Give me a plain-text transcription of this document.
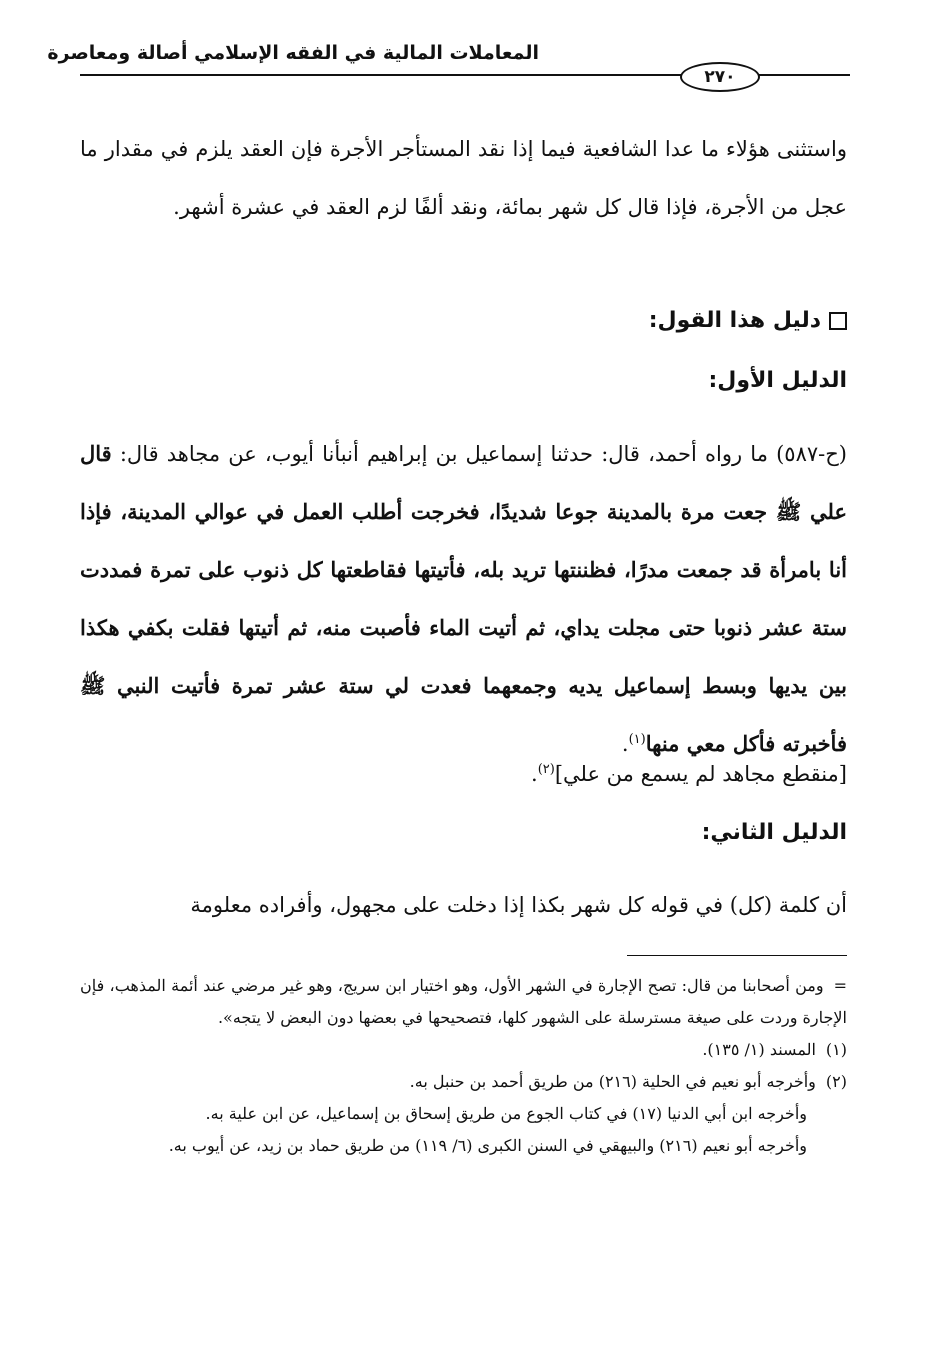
المعاملات المالية في الفقه الإسلامي أصالة ومعاصرة
٢٧٠
واستثنى هؤلاء ما عدا الشافعية فيما إذا نقد المستأجر الأجرة فإن العقد يلزم في مقدار ما عجل من الأجرة، فإذا قال كل شهر بمائة، ونقد ألفًا لزم العقد في عشرة أشهر.
دليل هذا القول:
الدليل الأول:
(ح-٥٨٧) ما رواه أحمد، قال: حدثنا إسماعيل بن إبراهيم أنبأنا أيوب، عن مجاهد قال: قال علي ﷺ جعت مرة بالمدينة جوعا شديدًا، فخرجت أطلب العمل في عوالي المدينة، فإذا أنا بامرأة قد جمعت مدرًا، فظننتها تريد بله، فأتيتها فقاطعتها كل ذنوب على تمرة فمددت ستة عشر ذنوبا حتى مجلت يداي، ثم أتيت الماء فأصبت منه، ثم أتيتها فقلت بكفي هكذا بين يديها وبسط إسماعيل يديه وجمعهما فعدت لي ستة عشر تمرة فأتيت النبي ﷺ فأخبرته فأكل معي منها$^{(١)}$.
[منقطع مجاهد لم يسمع من علي]$^{(٢)}$.
الدليل الثاني:
أن كلمة (كل) في قوله كل شهر بكذا إذا دخلت على مجهول، وأفراده معلومة

=ومن أصحابنا من قال: تصح الإجارة في الشهر الأول، وهو اختيار ابن سريج، وهو غير مرضي عند أئمة المذهب، فإن الإجارة وردت على صيغة مسترسلة على الشهور كلها، فتصحيحها في بعضها دون البعض لا يتجه».

(١)المسند (١/ ١٣٥).

(٢)وأخرجه أبو نعيم في الحلية (٢١٦) من طريق أحمد بن حنبل به.

وأخرجه ابن أبي الدنيا (١٧) في كتاب الجوع من طريق إسحاق بن إسماعيل، عن ابن علية به.

وأخرجه أبو نعيم (٢١٦) والبيهقي في السنن الكبرى (٦/ ١١٩) من طريق حماد بن زيد، عن أيوب به.
